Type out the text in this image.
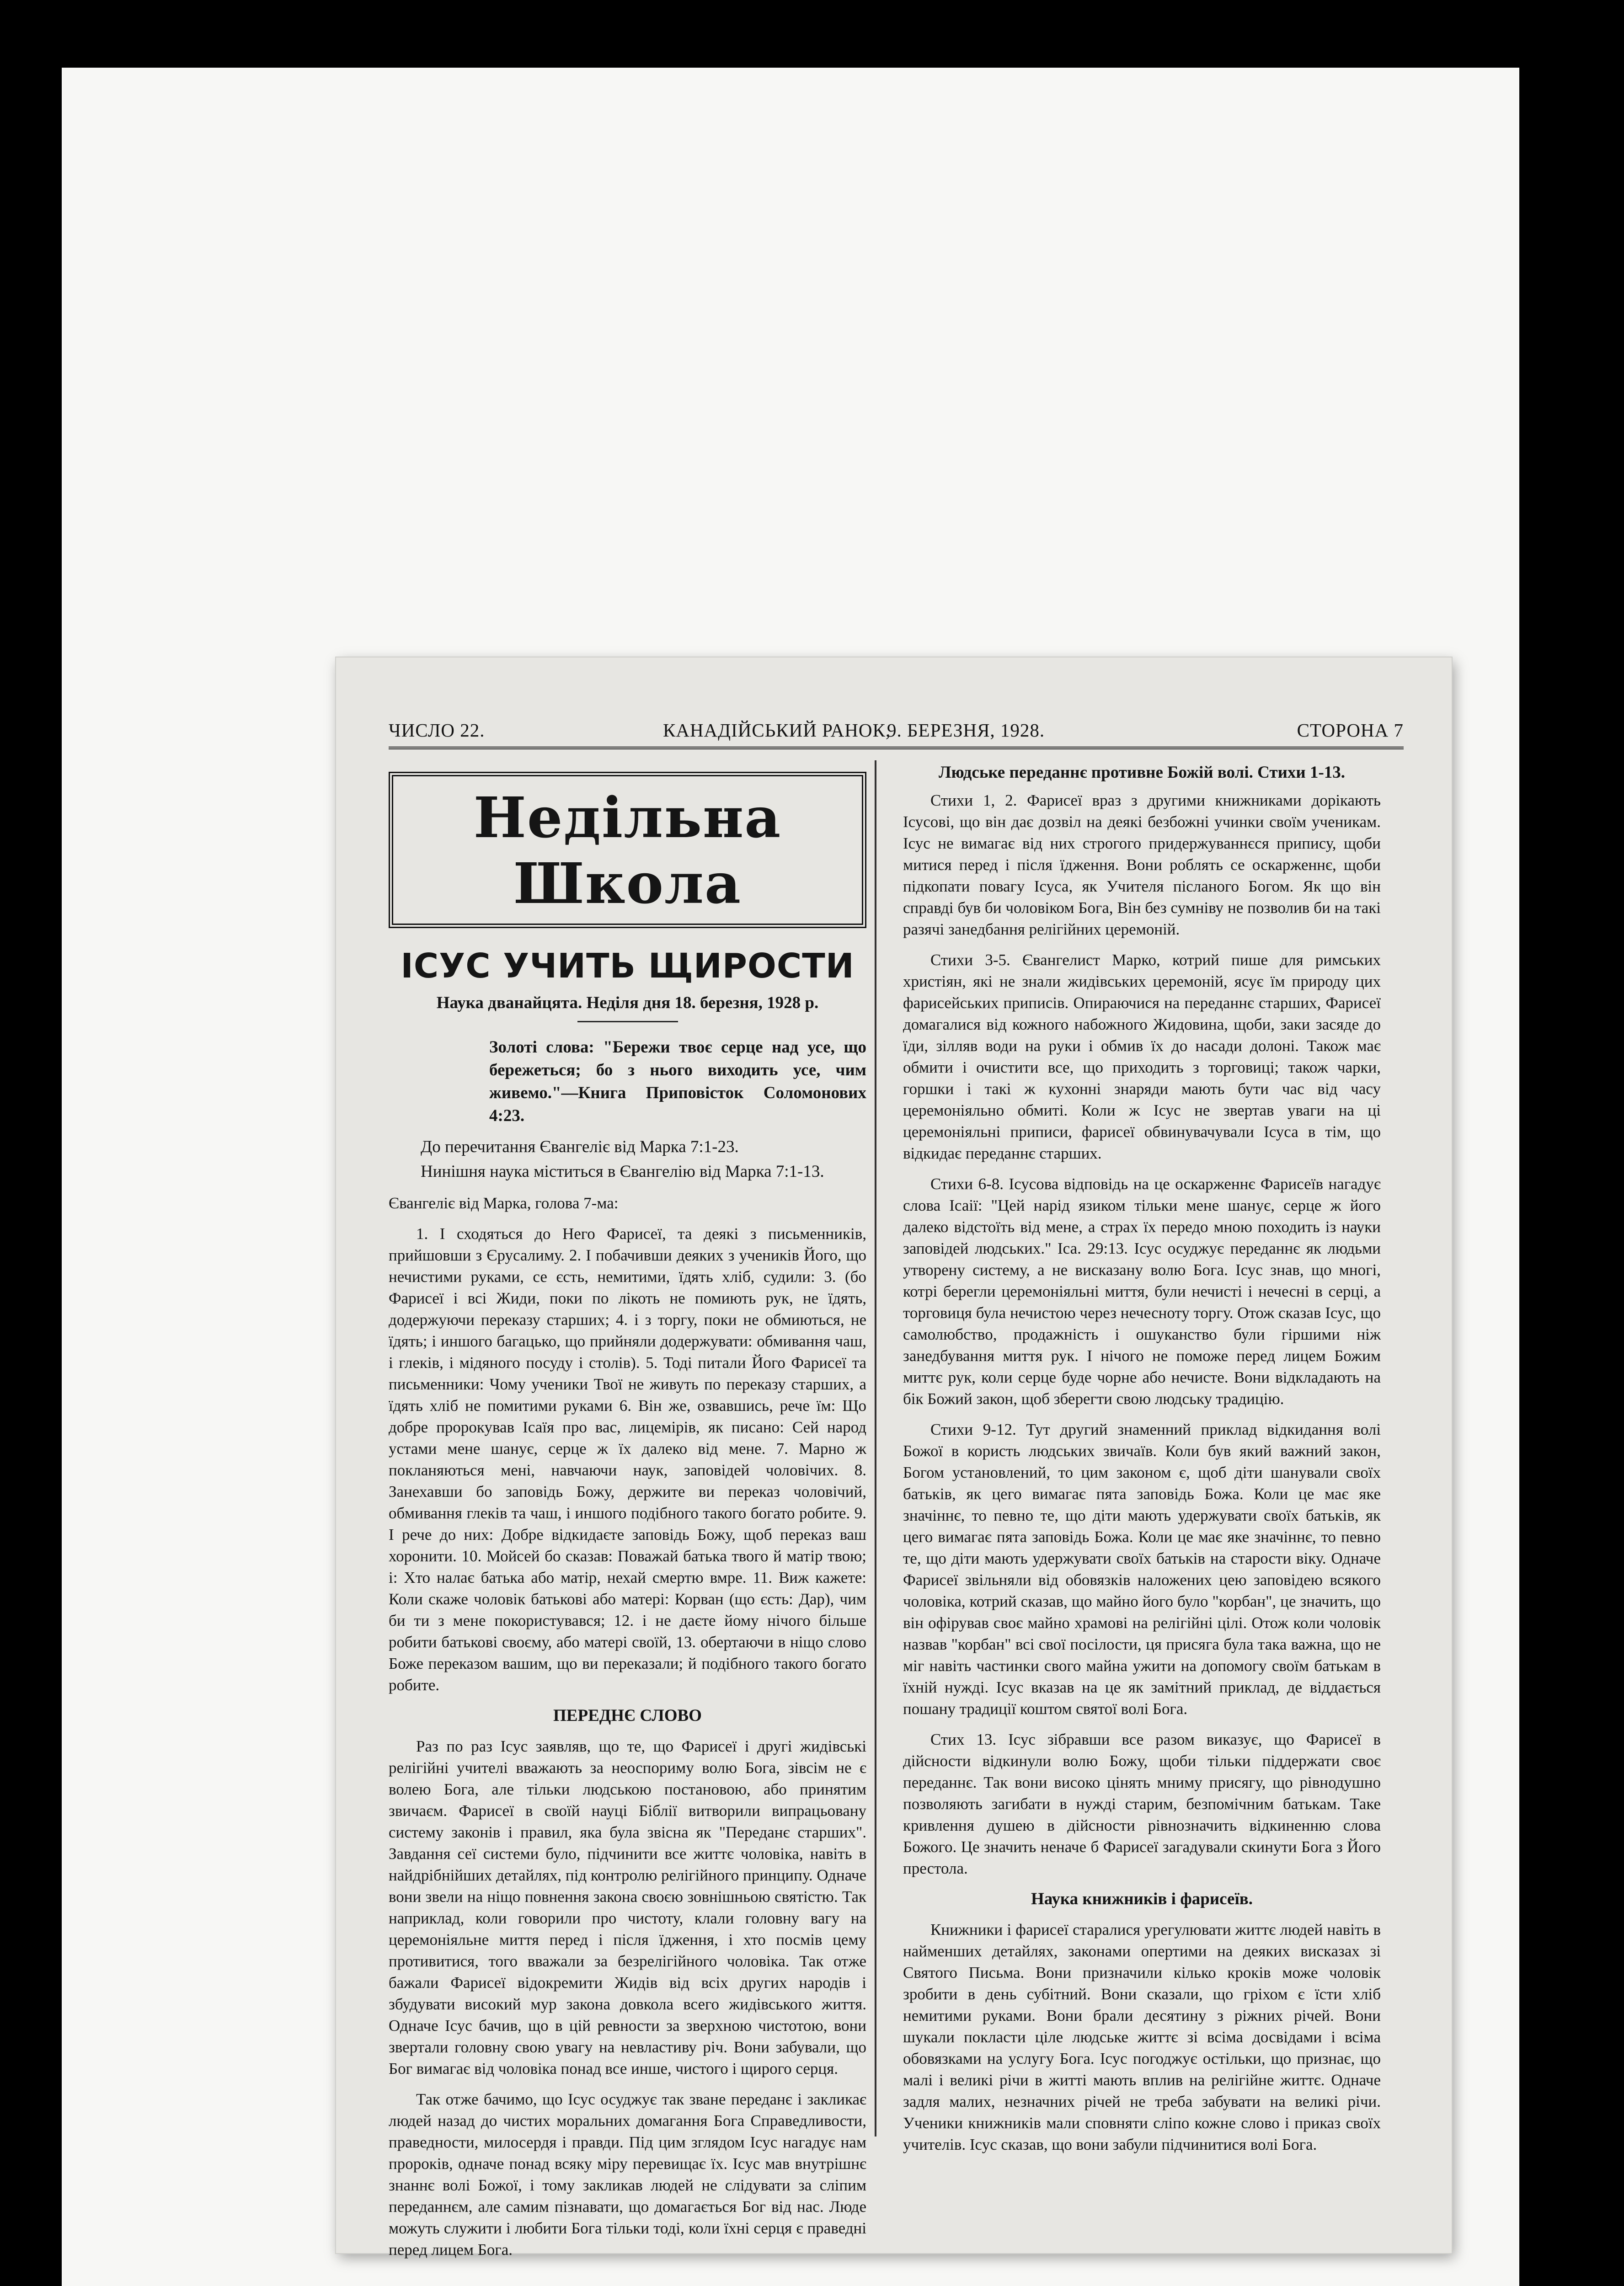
ЧИСЛО 22.	КАНАДІЙСЬКИЙ РАНОК,
9. БЕРЕЗНЯ, 1928.	СТОРОНА 7
Недільна Школа
ІСУС УЧИТЬ ЩИРОСТИ
Наука дванайцята. Неділя дня 18. березня, 1928 р.
Золоті слова: "Бережи твоє серце над усе, що бережеться; бо з нього виходить усе, чим живемо."—Книга Приповісток Соломонових 4:23.
До перечитання Євангеліє від Марка 7:1-23.
Нинішня наука міститься в Євангелію від Марка 7:1-13.

Євангеліє від Марка, голова 7-ма:

1. І сходяться до Него Фарисеї, та деякі з письменників, прийшовши з Єрусалиму. 2. І побачивши деяких з учеників Його, що нечистими руками, се єсть, немитими, їдять хліб, судили: 3. (бо Фарисеї і всі Жиди, поки по лікоть не помиють рук, не їдять, додержуючи переказу старших; 4. і з торгу, поки не обмиються, не їдять; і иншого багацько, що прийняли додержувати: обмивання чаш, і глеків, і мідяного посуду і столів). 5. Тоді питали Його Фарисеї та письменники: Чому ученики Твої не живуть по переказу старших, а їдять хліб не помитими руками 6. Він же, озвавшись, рече їм: Що добре пророкував Ісаїя про вас, лицемірів, як писано: Сей народ устами мене шанує, серце ж їх далеко від мене. 7. Марно ж покланяються мені, навчаючи наук, заповідей чоловічих. 8. Занехавши бо заповідь Божу, держите ви переказ чоловічий, обмивання глеків та чаш, і иншого подібного такого богато робите. 9. І рече до них: Добре відкидаєте заповідь Божу, щоб переказ ваш хоронити. 10. Мойсей бо сказав: Поважай батька твого й матір твою; і: Хто налає батька або матір, нехай смертю вмре. 11. Виж кажете: Коли скаже чоловік батькові або матері: Корван (що єсть: Дар), чим би ти з мене покористувався; 12. і не даєте йому нічого більше робити батькові своєму, або матері своїй, 13. обертаючи в ніщо слово Боже переказом вашим, що ви переказали; й подібного такого богато робите.

ПЕРЕДНЄ СЛОВО

Раз по раз Ісус заявляв, що те, що Фарисеї і другі жидівські релігійні учителі вважають за неоспориму волю Бога, зівсім не є волею Бога, але тільки людською постановою, або принятим звичаєм. Фарисеї в своїй науці Біблії витворили випрацьовану систему законів і правил, яка була звісна як "Переданє старших". Завдання сеї системи було, підчинити все життє чоловіка, навіть в найдрібнійших детайлях, під контролю релігійного принципу. Одначе вони звели на ніщо повнення закона своєю зовнішньою святістю. Так наприклад, коли говорили про чистоту, клали головну вагу на церемоніяльне миття перед і після їдження, і хто посмів цему противитися, того вважали за безрелігійного чоловіка. Так отже бажали Фарисеї відокремити Жидів від всіх других народів і збудувати високий мур закона довкола всего жидівського життя. Одначе Ісус бачив, що в цій ревности за зверхною чистотою, вони звертали головну свою увагу на невластиву річ. Вони забували, що Бог вимагає від чоловіка понад все инше, чистого і щирого серця.

Так отже бачимо, що Ісус осуджує так зване переданє і закликає людей назад до чистих моральних домагання Бога Справедливости, праведности, милосердя і правди. Під цим зглядом Ісус нагадує нам пророків, одначе понад всяку міру перевищає їх. Ісус мав внутрішнє знаннє волі Божої, і тому закликав людей не слідувати за сліпим переданнєм, але самим пізнавати, що домагається Бог від нас. Люде можуть служити і любити Бога тільки тоді, коли їхні серця є праведні перед лицем Бога.

Людське переданнє противне Божій волі. Стихи 1-13.

Стихи 1, 2. Фарисеї враз з другими книжниками дорікають Ісусові, що він дає дозвіл на деякі безбожні учинки своїм ученикам. Ісус не вимагає від них строгого придержуваннєся припису, щоби митися перед і після їдження. Вони роблять се оскарженнє, щоби підкопати повагу Ісуса, як Учителя післаного Богом. Як що він справді був би чоловіком Бога, Він без сумніву не позволив би на такі разячі занедбання релігійних церемоній.

Стихи 3-5. Євангелист Марко, котрий пише для римських христіян, які не знали жидівських церемоній, ясує їм природу цих фарисейських приписів. Опираючися на переданнє старших, Фарисеї домагалися від кожного набожного Жидовина, щоби, заки засяде до їди, зілляв води на руки і обмив їх до насади долоні. Також має обмити і очистити все, що приходить з торговиці; також чарки, горшки і такі ж кухонні знаряди мають бути час від часу церемоніяльно обмиті. Коли ж Ісус не звертав уваги на ці церемоніяльні приписи, фарисеї обвинувачували Ісуса в тім, що відкидає переданнє старших.

Стихи 6-8. Ісусова відповідь на це оскарженнє Фарисеїв нагадує слова Ісаії: "Цей нарід язиком тільки мене шанує, серце ж його далеко відстоїть від мене, а страх їх передо мною походить із науки заповідей людських." Іса. 29:13. Ісус осуджує переданнє як людьми утворену систему, а не висказану волю Бога. Ісус знав, що многі, котрі берегли церемоніяльні миття, були нечисті і нечесні в серці, а торговиця була нечистою через нечесноту торгу. Отож сказав Ісус, що самолюбство, продажність і ошуканство були гіршими ніж занедбування миття рук. І нічого не поможе перед лицем Божим миттє рук, коли серце буде чорне або нечисте. Вони відкладають на бік Божий закон, щоб зберегти свою людську традицію.

Стихи 9-12. Тут другий знаменний приклад відкидання волі Божої в користь людських звичаїв. Коли був який важний закон, Богом установлений, то цим законом є, щоб діти шанували своїх батьків, як цего вимагає пята заповідь Божа. Коли це має яке значіннє, то певно те, що діти мають удержувати своїх батьків, як цего вимагає пята заповідь Божа. Коли це має яке значіннє, то певно те, що діти мають удержувати своїх батьків на старости віку. Одначе Фарисеї звільняли від обовязків наложених цею заповідею всякого чоловіка, котрий сказав, що майно його було "корбан", це значить, що він офірував своє майно храмові на релігійні цілі. Отож коли чоловік назвав "корбан" всі свої посілости, ця присяга була така важна, що не міг навіть частинки свого майна ужити на допомогу своїм батькам в їхній нужді. Ісус вказав на це як замітний приклад, де віддається пошану традиції коштом святої волі Бога.

Стих 13. Ісус зібравши все разом виказує, що Фарисеї в дійсности відкинули волю Божу, щоби тільки піддержати своє переданнє. Так вони високо цінять мниму присягу, що рівнодушно позволяють загибати в нужді старим, безпомічним батькам. Таке кривлення душею в дійсности рівнозначить відкиненню слова Божого. Це значить неначе б Фарисеї загадували скинути Бога з Його престола.

Наука книжників і фарисеїв.

Книжники і фарисеї старалися урегулювати життє людей навіть в найменших детайлях, законами опертими на деяких висказах зі Святого Письма. Вони призначили кілько кроків може чоловік зробити в день субітний. Вони сказали, що гріхом є їсти хліб немитими руками. Вони брали десятину з ріжних річей. Вони шукали покласти ціле людське життє зі всіма досвідами і всіма обовязками на услугу Бога. Ісус погоджує остільки, що признає, що малі і великі річи в житті мають вплив на релігійне життє. Одначе задля малих, незначних річей не треба забувати на великі річи. Ученики книжників мали сповняти сліпо кожне слово і приказ своїх учителів. Ісус сказав, що вони забули підчинитися волі Бога.
